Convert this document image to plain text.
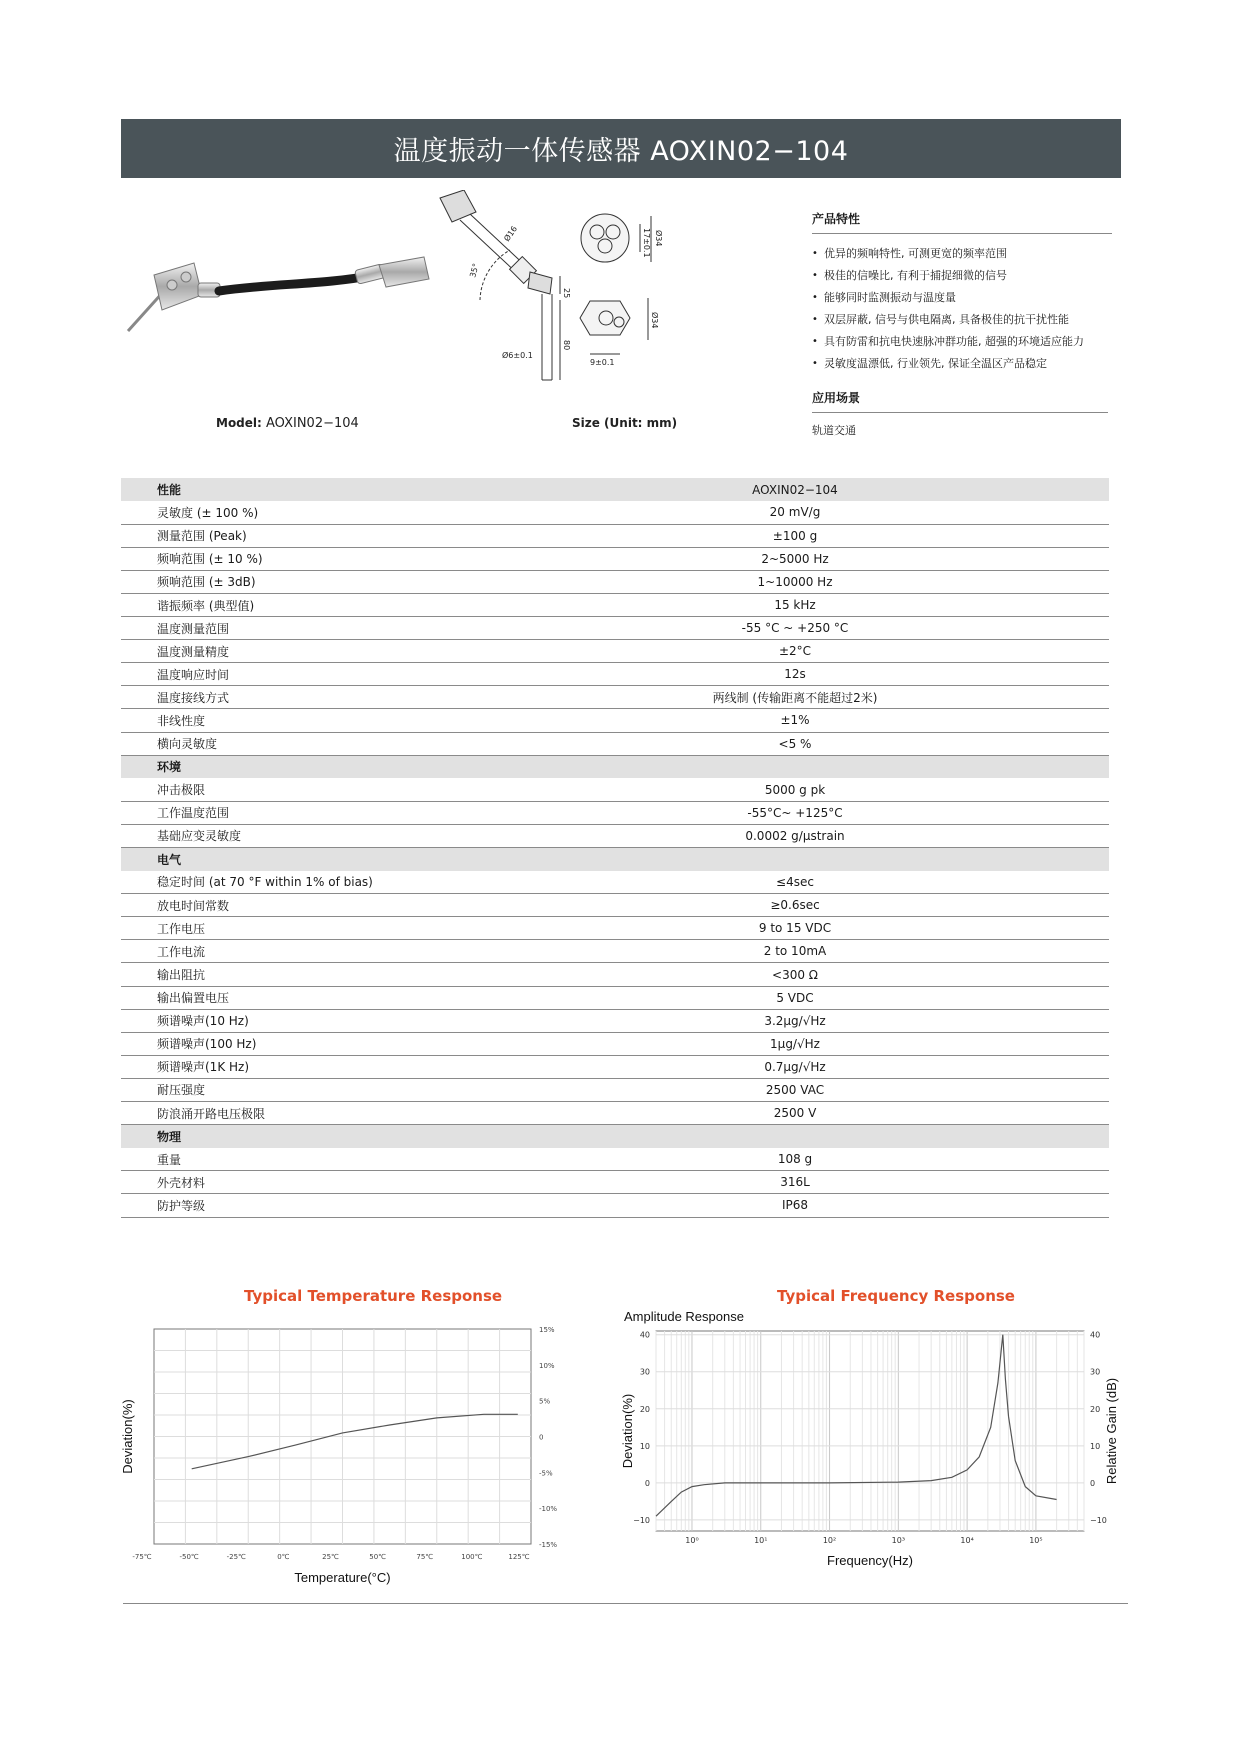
温度振动一体传感器 AOXIN02−104
Ø16
35°
25
80
Ø6±0.1
17±0.1 Ø34
Ø34
9±0.1
Model: AOXIN02−104	Size (Unit: mm)
产品特性
• 优异的频响特性, 可测更宽的频率范围
• 极佳的信噪比, 有利于捕捉细微的信号
• 能够同时监测振动与温度量
• 双层屏蔽, 信号与供电隔离, 具备极佳的抗干扰性能
• 具有防雷和抗电快速脉冲群功能, 超强的环境适应能力
• 灵敏度温漂低, 行业领先, 保证全温区产品稳定
应用场景
轨道交通
性能	AOXIN02−104
灵敏度 (± 100 %)	20 mV/g
测量范围 (Peak)	±100 g
频响范围 (± 10 %)	2~5000 Hz
频响范围 (± 3dB)	1~10000 Hz
谐振频率 (典型值)	15 kHz
温度测量范围	-55 °C ~ +250 °C
温度测量精度	±2°C
温度响应时间	12s
温度接线方式	两线制 (传输距离不能超过2米)
非线性度	±1%
横向灵敏度	<5 %
环境	
冲击极限	5000 g pk
工作温度范围	-55°C~ +125°C
基础应变灵敏度	0.0002 g/µstrain
电气	
稳定时间 (at 70 °F within 1% of bias)	≤4sec
放电时间常数	≥0.6sec
工作电压	9 to 15 VDC
工作电流	2 to 10mA
输出阻抗	<300 Ω
输出偏置电压	5 VDC
频谱噪声(10 Hz)	3.2µg/√Hz
频谱噪声(100 Hz)	1µg/√Hz
频谱噪声(1K Hz)	0.7µg/√Hz
耐压强度	2500 VAC
防浪涌开路电压极限	2500 V
物理	
重量	108 g
外壳材料	316L
防护等级	IP68
Typical Temperature Response
-75℃	-50℃	-25℃	0℃	25℃	50℃	75℃	100℃	125℃
15%
10%
5%
0
-5%
-10%
-15%
Temperature(°C)
Deviation(%)
Typical Frequency Response
Amplitude Response
40	40
30	30
20	20
10	10
0	0
−10	−10
10⁰	10¹	10²	10³	10⁴	10⁵
Frequency(Hz)
Deviation(%)	Relative Gain (dB)
